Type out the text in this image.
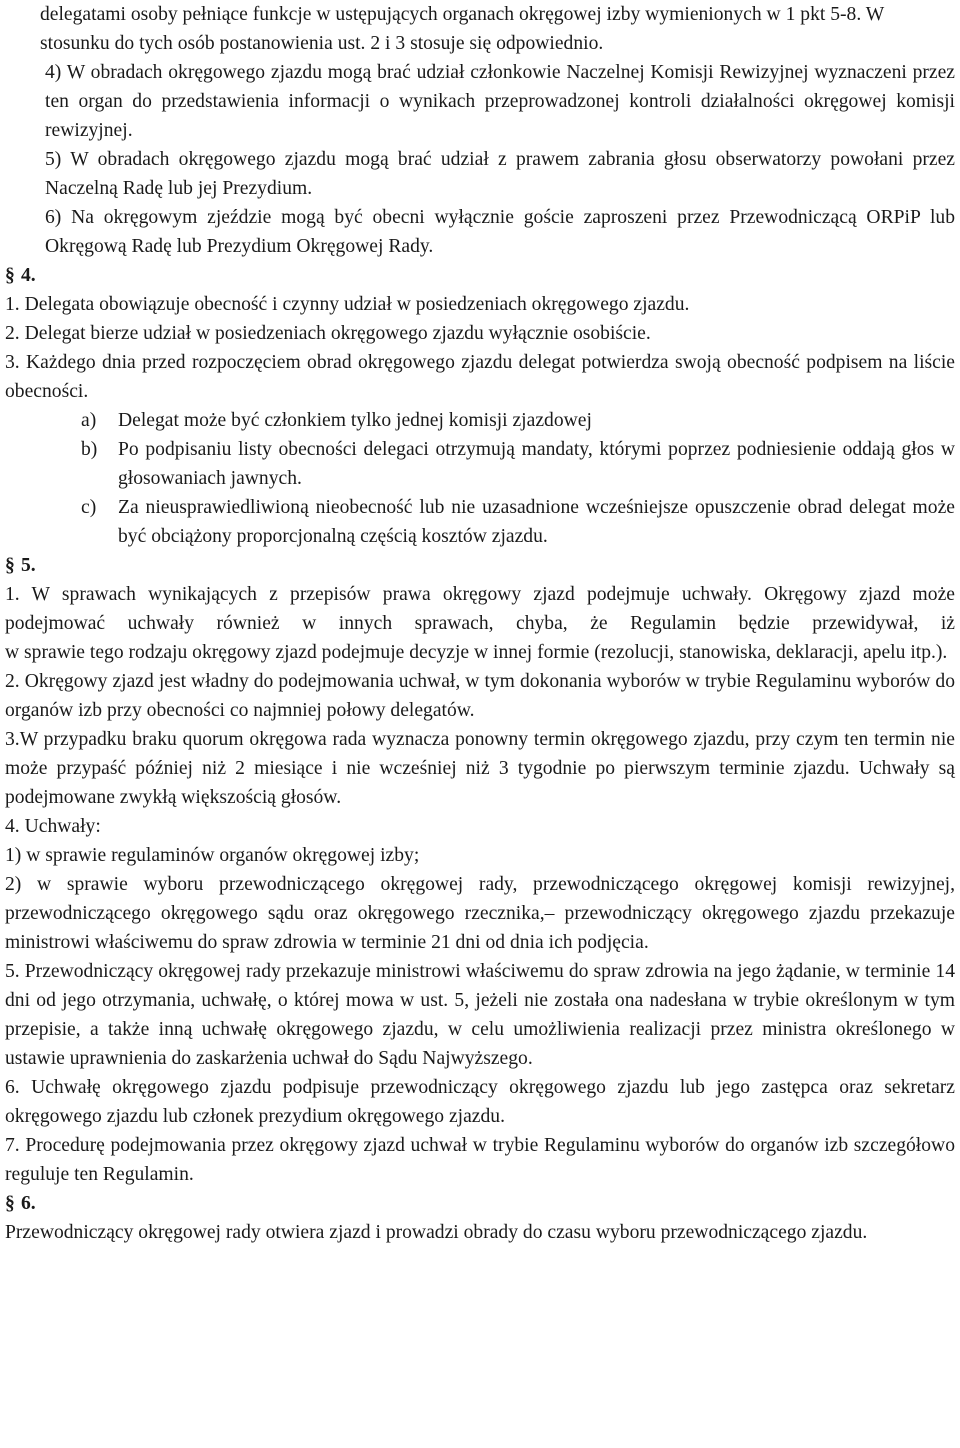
delegatami osoby pełniące funkcje w ustępujących organach okręgowej izby wymienionych w 1 pkt 5-8. W stosunku do tych osób postanowienia ust. 2 i 3 stosuje się odpowiednio.

4) W obradach okręgowego zjazdu mogą brać udział członkowie Naczelnej Komisji Rewizyjnej wyznaczeni przez ten organ do przedstawienia informacji o wynikach przeprowadzonej kontroli działalności okręgowej komisji rewizyjnej.

5) W obradach okręgowego zjazdu mogą brać udział z prawem zabrania głosu obserwatorzy powołani przez Naczelną Radę lub jej Prezydium.

6) Na okręgowym zjeździe mogą być obecni wyłącznie goście zaproszeni przez Przewodniczącą ORPiP lub Okręgową Radę lub Prezydium Okręgowej Rady.

§ 4.

1. Delegata obowiązuje obecność i czynny udział w posiedzeniach okręgowego zjazdu.

2. Delegat bierze udział w posiedzeniach okręgowego zjazdu wyłącznie osobiście.

3. Każdego dnia przed rozpoczęciem obrad okręgowego zjazdu delegat potwierdza swoją obecność podpisem na liście obecności.

a) Delegat może być członkiem tylko jednej komisji zjazdowej
b) Po podpisaniu listy obecności delegaci otrzymują mandaty, którymi poprzez podniesienie oddają głos w głosowaniach jawnych.
c) Za nieusprawiedliwioną nieobecność lub nie uzasadnione wcześniejsze opuszczenie obrad delegat może być obciążony proporcjonalną częścią kosztów zjazdu.

§ 5.

1. W sprawach wynikających z przepisów prawa okręgowy zjazd podejmuje uchwały. Okręgowy zjazd może podejmować uchwały również w innych sprawach, chyba, że Regulamin będzie przewidywał, iż

w sprawie tego rodzaju okręgowy zjazd podejmuje decyzje w innej formie (rezolucji, stanowiska, deklaracji, apelu itp.).

2. Okręgowy zjazd jest władny do podejmowania uchwał, w tym dokonania wyborów w trybie Regulaminu wyborów do organów izb przy obecności co najmniej połowy delegatów.

3.W przypadku braku quorum okręgowa rada wyznacza ponowny termin okręgowego zjazdu, przy czym ten termin nie może przypaść później niż 2 miesiące i nie wcześniej niż 3 tygodnie po pierwszym terminie zjazdu. Uchwały są podejmowane zwykłą większością głosów.

4. Uchwały:

1) w sprawie regulaminów organów okręgowej izby;

2) w sprawie wyboru przewodniczącego okręgowej rady, przewodniczącego okręgowej komisji rewizyjnej, przewodniczącego okręgowego sądu oraz okręgowego rzecznika,– przewodniczący okręgowego zjazdu przekazuje ministrowi właściwemu do spraw zdrowia w terminie 21 dni od dnia ich podjęcia.

5. Przewodniczący okręgowej rady przekazuje ministrowi właściwemu do spraw zdrowia na jego żądanie, w terminie 14 dni od jego otrzymania, uchwałę, o której mowa w ust. 5, jeżeli nie została ona nadesłana w trybie określonym w tym przepisie, a także inną uchwałę okręgowego zjazdu, w celu umożliwienia realizacji przez ministra określonego w ustawie uprawnienia do zaskarżenia uchwał do Sądu Najwyższego.

6. Uchwałę okręgowego zjazdu podpisuje przewodniczący okręgowego zjazdu lub jego zastępca oraz sekretarz okręgowego zjazdu lub członek prezydium okręgowego zjazdu.

7. Procedurę podejmowania przez okręgowy zjazd uchwał w trybie Regulaminu wyborów do organów izb szczegółowo reguluje ten Regulamin.

§ 6.

Przewodniczący okręgowej rady otwiera zjazd i prowadzi obrady do czasu wyboru przewodniczącego zjazdu.
